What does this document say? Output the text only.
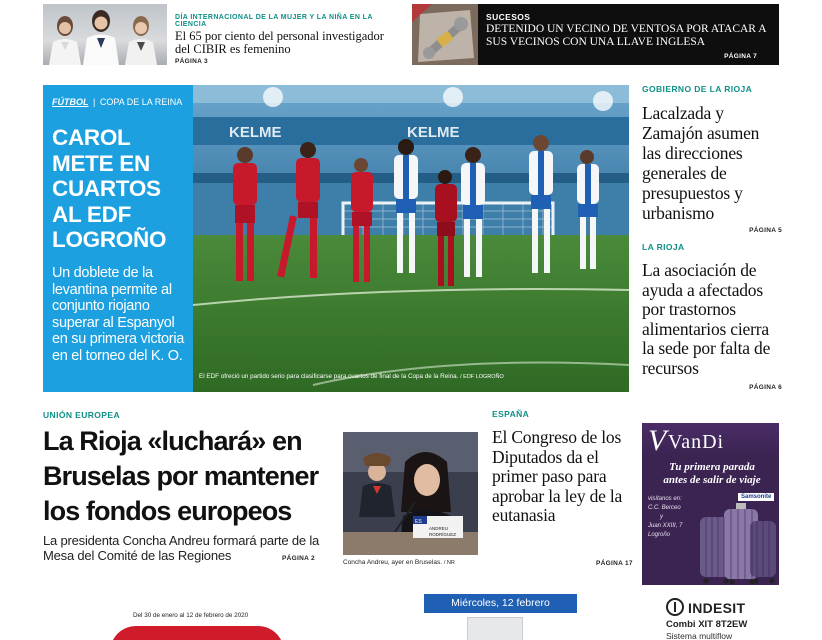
DÍA INTERNACIONAL DE LA MUJER Y LA NIÑA EN LA CIENCIA
El 65 por ciento del personal investigador del CIBIR es femenino
PÁGINA 3
SUCESOS
DETENIDO UN VECINO DE VENTOSA POR ATACAR A SUS VECINOS CON UNA LLAVE INGLESA
PÁGINA 7
FÚTBOL | COPA DE LA REINA
CAROL
METE EN
CUARTOS
AL EDF
LOGROÑO
Un doblete de la levantina permite al conjunto riojano superar al Espanyol en su primera victoria en el torneo del K. O.
KELME	KELME
El EDF ofreció un partido serio para clasificarse para cuartos de final de la Copa de la Reina. / EDF LOGROÑO
GOBIERNO DE LA RIOJA
Lacalzada y Zamajón asumen las direcciones generales de presupuestos y urbanismo
PÁGINA 5
LA RIOJA
La asociación de ayuda a afectados por trastornos alimentarios cierra la sede por falta de recursos
PÁGINA 6
UNIÓN EUROPEA
La Rioja «luchará» en Bruselas por mantener los fondos europeos
La presidenta Concha Andreu formará parte de la Mesa del Comité de las Regiones	PÁGINA 2
ES
ANDREU
RODRÍGUEZ
Concha Andreu, ayer en Bruselas. / NR
ESPAÑA
El Congreso de los Diputados da el primer paso para aprobar la ley de la eutanasia
PÁGINA 17
V VanDi
Tu primera parada
antes de salir de viaje
visítanos en:
C.C. Berceo
y
Juan XXIII, 7
Logroño
Samsonite
Del 30 de enero al 12 de febrero de 2020
Miércoles, 12 febrero	INDESIT
Combi XIT 8T2EW
Sistema multiflow
